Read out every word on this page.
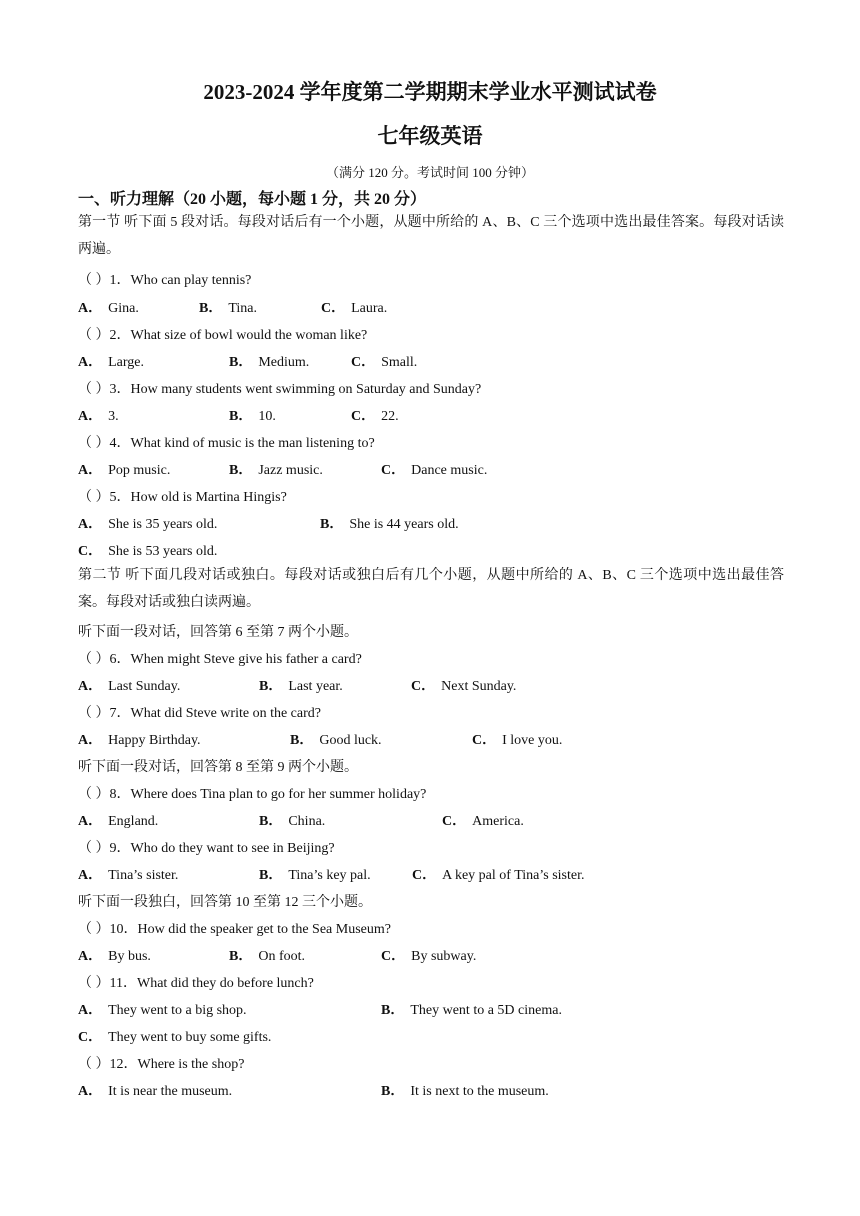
2023-2024 学年度第二学期期末学业水平测试试卷
七年级英语
（满分 120 分。考试时间 100 分钟）
一、听力理解（20 小题，每小题 1 分，共 20 分）
第一节 听下面 5 段对话。每段对话后有一个小题，从题中所给的 A、B、C 三个选项中选出最佳答案。每段对话读两遍。
（ ）1．Who can play tennis?
A． Gina.	B． Tina.	C． Laura.
（ ）2．What size of bowl would the woman like?
A． Large.	B． Medium.	C． Small.
（ ）3．How many students went swimming on Saturday and Sunday?
A． 3.	B． 10.	C． 22.
（ ）4．What kind of music is the man listening to?
A． Pop music.	B． Jazz music.	C． Dance music.
（ ）5．How old is Martina Hingis?
A． She is 35 years old.	B． She is 44 years old.
C． She is 53 years old.
第二节 听下面几段对话或独白。每段对话或独白后有几个小题，从题中所给的 A、B、C 三个选项中选出最佳答案。每段对话或独白读两遍。
听下面一段对话，回答第 6 至第 7 两个小题。
（ ）6．When might Steve give his father a card?
A． Last Sunday.	B． Last year.	C． Next Sunday.
（ ）7．What did Steve write on the card?
A． Happy Birthday.	B． Good luck.	C． I love you.
听下面一段对话，回答第 8 至第 9 两个小题。
（ ）8．Where does Tina plan to go for her summer holiday?
A． England.	B． China.	C． America.
（ ）9．Who do they want to see in Beijing?
A． Tina’s sister.	B． Tina’s key pal.	C． A key pal of Tina’s sister.
听下面一段独白，回答第 10 至第 12 三个小题。
（ ）10．How did the speaker get to the Sea Museum?
A． By bus.	B． On foot.	C． By subway.
（ ）11．What did they do before lunch?
A． They went to a big shop.	B． They went to a 5D cinema.
C． They went to buy some gifts.
（ ）12．Where is the shop?
A． It is near the museum.	B． It is next to the museum.
